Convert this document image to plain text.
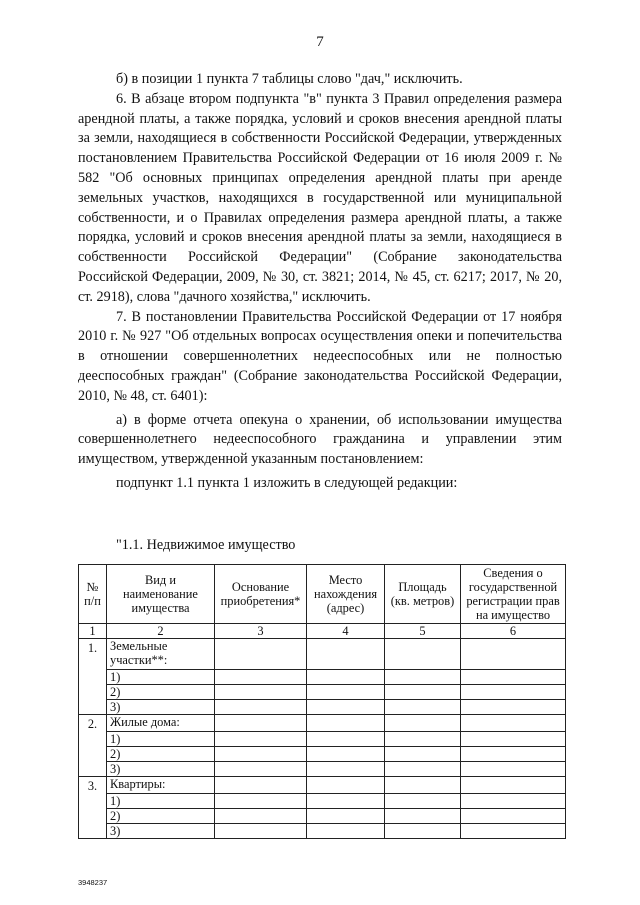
7

б) в позиции 1 пункта 7 таблицы слово "дач," исключить.

6. В абзаце втором подпункта "в" пункта 3 Правил определения размера арендной платы, а также порядка, условий и сроков внесения арендной платы за земли, находящиеся в собственности Российской Федерации, утвержденных постановлением Правительства Российской Федерации от 16 июля 2009 г. № 582 "Об основных принципах определения арендной платы при аренде земельных участков, находящихся в государственной или муниципальной собственности, и о Правилах определения размера арендной платы, а также порядка, условий и сроков внесения арендной платы за земли, находящиеся в собственности Российской Федерации" (Собрание законодательства Российской Федерации, 2009, № 30, ст. 3821; 2014, № 45, ст. 6217; 2017, № 20, ст. 2918), слова "дачного хозяйства," исключить.

7. В постановлении Правительства Российской Федерации от 17 ноября 2010 г. № 927 "Об отдельных вопросах осуществления опеки и попечительства в отношении совершеннолетних недееспособных или не полностью дееспособных граждан" (Собрание законодательства Российской Федерации, 2010, № 48, ст. 6401):

а) в форме отчета опекуна о хранении, об использовании имущества совершеннолетнего недееспособного гражданина и управлении этим имуществом, утвержденной указанным постановлением:

подпункт 1.1 пункта 1 изложить в следующей редакции:

"1.1. Недвижимое имущество
№ п/п	Вид и наименование имущества	Основание приобретения*	Место нахождения (адрес)	Площадь (кв. метров)	Сведения о государственной регистрации прав на имущество
1	2	3	4	5	6
1.	Земельные участки**:				
	1)				
	2)				
	3)				
2.	Жилые дома:				
	1)				
	2)				
	3)				
3.	Квартиры:				
	1)				
	2)				
	3)				
3948237
